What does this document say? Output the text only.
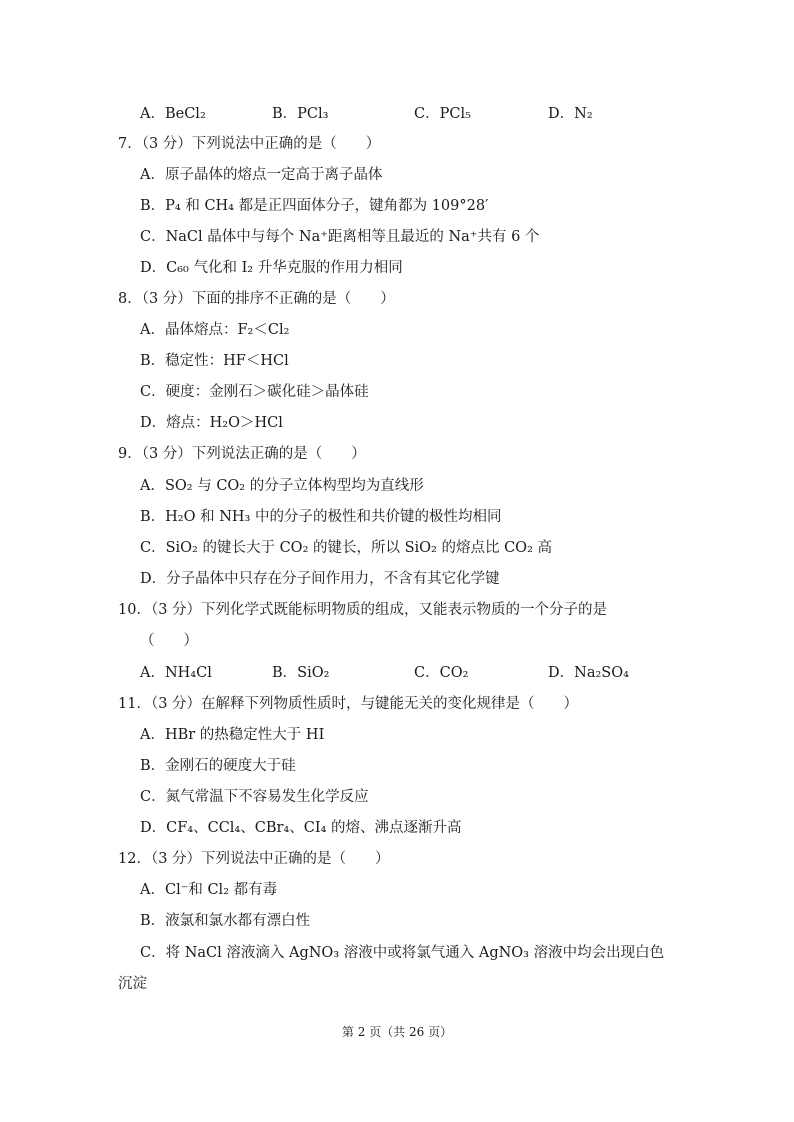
A．BeCl₂	B．PCl₃	C．PCl₅	D．N₂
7．（3 分）下列说法中正确的是（　　）
A．原子晶体的熔点一定高于离子晶体
B．P₄ 和 CH₄ 都是正四面体分子，键角都为 109°28′
C．NaCl 晶体中与每个 Na⁺距离相等且最近的 Na⁺共有 6 个
D．C₆₀ 气化和 I₂ 升华克服的作用力相同
8．（3 分）下面的排序不正确的是（　　）
A．晶体熔点：F₂＜Cl₂
B．稳定性：HF＜HCl
C．硬度：金刚石＞碳化硅＞晶体硅
D．熔点：H₂O＞HCl
9．（3 分）下列说法正确的是（　　）
A．SO₂ 与 CO₂ 的分子立体构型均为直线形
B．H₂O 和 NH₃ 中的分子的极性和共价键的极性均相同
C．SiO₂ 的键长大于 CO₂ 的键长，所以 SiO₂ 的熔点比 CO₂ 高
D．分子晶体中只存在分子间作用力，不含有其它化学键
10．（3 分）下列化学式既能标明物质的组成，又能表示物质的一个分子的是
（　　）
A．NH₄Cl	B．SiO₂	C．CO₂	D．Na₂SO₄
11．（3 分）在解释下列物质性质时，与键能无关的变化规律是（　　）
A．HBr 的热稳定性大于 HI
B．金刚石的硬度大于硅
C．氮气常温下不容易发生化学反应
D．CF₄、CCl₄、CBr₄、CI₄ 的熔、沸点逐渐升高
12．（3 分）下列说法中正确的是（　　）
A．Cl⁻和 Cl₂ 都有毒
B．液氯和氯水都有漂白性
C．将 NaCl 溶液滴入 AgNO₃ 溶液中或将氯气通入 AgNO₃ 溶液中均会出现白色
沉淀
第 2 页（共 26 页）
